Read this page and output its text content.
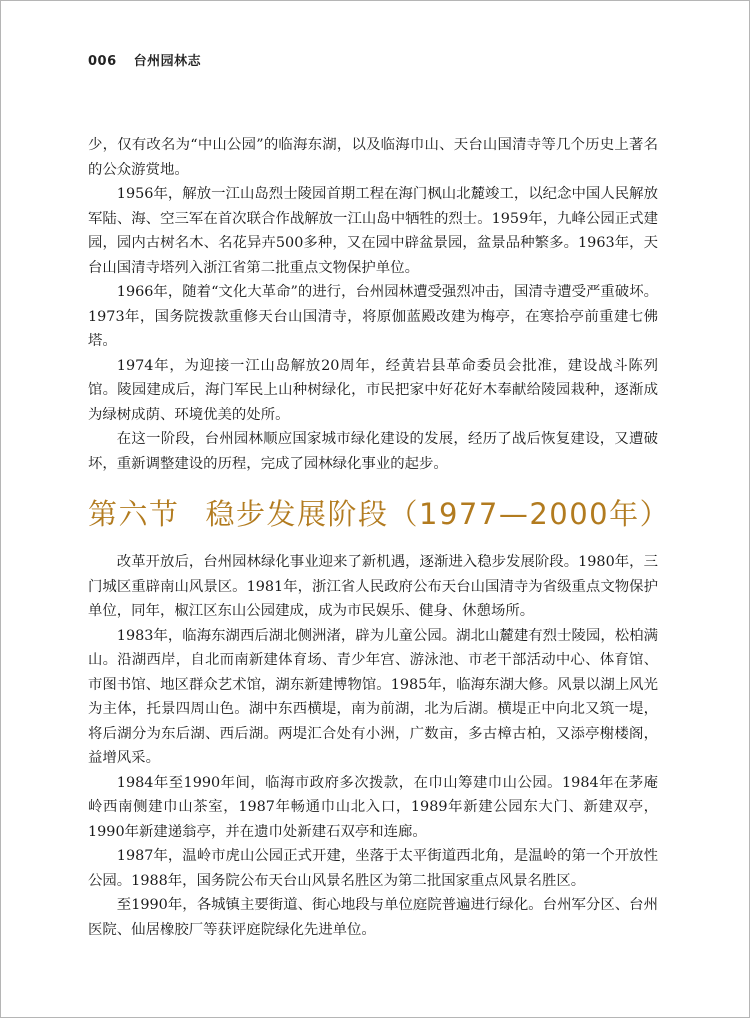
006 台州园林志

少，仅有改名为“中山公园”的临海东湖，以及临海巾山、天台山国清寺等几个历史上著名的公众游赏地。

1956年，解放一江山岛烈士陵园首期工程在海门枫山北麓竣工，以纪念中国人民解放军陆、海、空三军在首次联合作战解放一江山岛中牺牲的烈士。1959年，九峰公园正式建园，园内古树名木、名花异卉500多种，又在园中辟盆景园，盆景品种繁多。1963年，天台山国清寺塔列入浙江省第二批重点文物保护单位。

1966年，随着“文化大革命”的进行，台州园林遭受强烈冲击，国清寺遭受严重破坏。1973年，国务院拨款重修天台山国清寺，将原伽蓝殿改建为梅亭，在寒拾亭前重建七佛塔。

1974年，为迎接一江山岛解放20周年，经黄岩县革命委员会批准，建设战斗陈列馆。陵园建成后，海门军民上山种树绿化，市民把家中好花好木奉献给陵园栽种，逐渐成为绿树成荫、环境优美的处所。

在这一阶段，台州园林顺应国家城市绿化建设的发展，经历了战后恢复建设，又遭破坏，重新调整建设的历程，完成了园林绿化事业的起步。

第六节 稳步发展阶段（1977—2000年）

改革开放后，台州园林绿化事业迎来了新机遇，逐渐进入稳步发展阶段。1980年，三门城区重辟南山风景区。1981年，浙江省人民政府公布天台山国清寺为省级重点文物保护单位，同年，椒江区东山公园建成，成为市民娱乐、健身、休憩场所。

1983年，临海东湖西后湖北侧洲渚，辟为儿童公园。湖北山麓建有烈士陵园，松柏满山。沿湖西岸，自北而南新建体育场、青少年宫、游泳池、市老干部活动中心、体育馆、市图书馆、地区群众艺术馆，湖东新建博物馆。1985年，临海东湖大修。风景以湖上风光为主体，托景四周山色。湖中东西横堤，南为前湖，北为后湖。横堤正中向北又筑一堤，将后湖分为东后湖、西后湖。两堤汇合处有小洲，广数亩，多古樟古柏，又添亭榭楼阁，益增风采。

1984年至1990年间，临海市政府多次拨款，在巾山筹建巾山公园。1984年在茅庵岭西南侧建巾山茶室，1987年畅通巾山北入口，1989年新建公园东大门、新建双亭，1990年新建递翁亭，并在遗巾处新建石双亭和连廊。

1987年，温岭市虎山公园正式开建，坐落于太平街道西北角，是温岭的第一个开放性公园。1988年，国务院公布天台山风景名胜区为第二批国家重点风景名胜区。

至1990年，各城镇主要街道、街心地段与单位庭院普遍进行绿化。台州军分区、台州医院、仙居橡胶厂等获评庭院绿化先进单位。
